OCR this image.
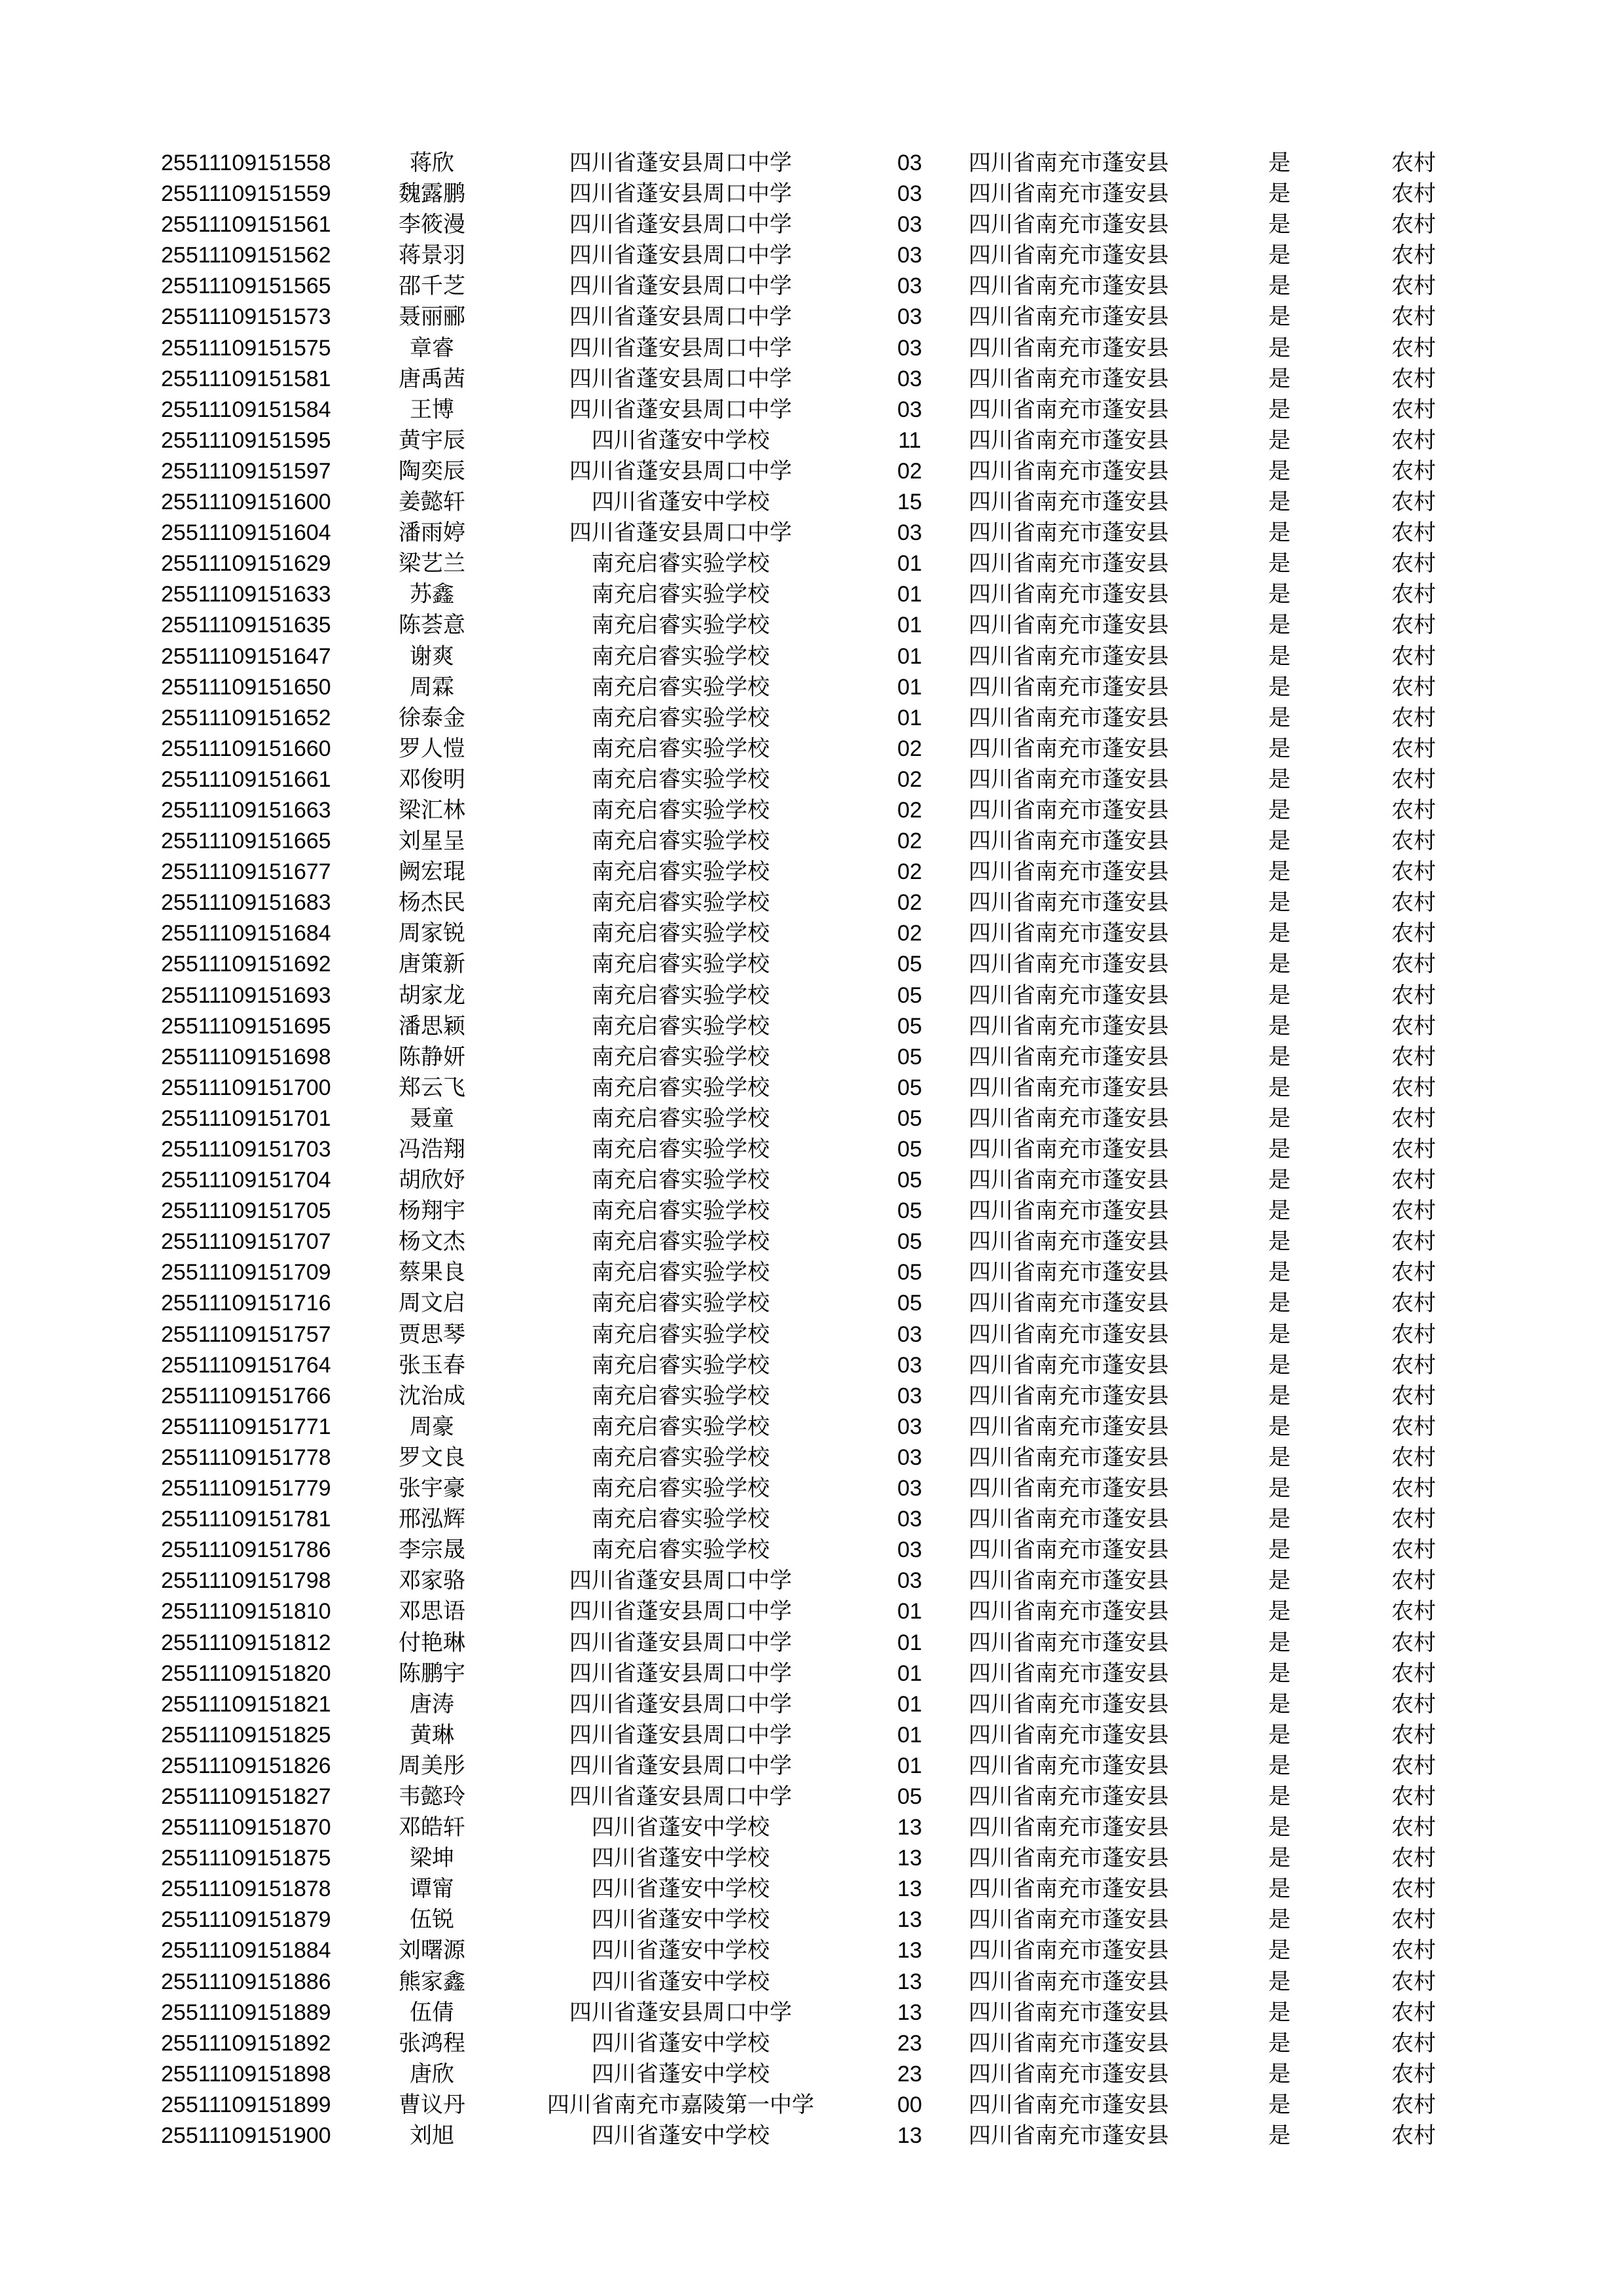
25511109151558	蒋欣	四川省蓬安县周口中学	03	四川省南充市蓬安县	是	农村
25511109151559	魏露鹏	四川省蓬安县周口中学	03	四川省南充市蓬安县	是	农村
25511109151561	李筱漫	四川省蓬安县周口中学	03	四川省南充市蓬安县	是	农村
25511109151562	蒋景羽	四川省蓬安县周口中学	03	四川省南充市蓬安县	是	农村
25511109151565	邵千芝	四川省蓬安县周口中学	03	四川省南充市蓬安县	是	农村
25511109151573	聂丽郦	四川省蓬安县周口中学	03	四川省南充市蓬安县	是	农村
25511109151575	章睿	四川省蓬安县周口中学	03	四川省南充市蓬安县	是	农村
25511109151581	唐禹茜	四川省蓬安县周口中学	03	四川省南充市蓬安县	是	农村
25511109151584	王博	四川省蓬安县周口中学	03	四川省南充市蓬安县	是	农村
25511109151595	黄宇辰	四川省蓬安中学校	11	四川省南充市蓬安县	是	农村
25511109151597	陶奕辰	四川省蓬安县周口中学	02	四川省南充市蓬安县	是	农村
25511109151600	姜懿轩	四川省蓬安中学校	15	四川省南充市蓬安县	是	农村
25511109151604	潘雨婷	四川省蓬安县周口中学	03	四川省南充市蓬安县	是	农村
25511109151629	梁艺兰	南充启睿实验学校	01	四川省南充市蓬安县	是	农村
25511109151633	苏鑫	南充启睿实验学校	01	四川省南充市蓬安县	是	农村
25511109151635	陈荟意	南充启睿实验学校	01	四川省南充市蓬安县	是	农村
25511109151647	谢爽	南充启睿实验学校	01	四川省南充市蓬安县	是	农村
25511109151650	周霖	南充启睿实验学校	01	四川省南充市蓬安县	是	农村
25511109151652	徐泰金	南充启睿实验学校	01	四川省南充市蓬安县	是	农村
25511109151660	罗人愷	南充启睿实验学校	02	四川省南充市蓬安县	是	农村
25511109151661	邓俊明	南充启睿实验学校	02	四川省南充市蓬安县	是	农村
25511109151663	梁汇林	南充启睿实验学校	02	四川省南充市蓬安县	是	农村
25511109151665	刘星呈	南充启睿实验学校	02	四川省南充市蓬安县	是	农村
25511109151677	阙宏琨	南充启睿实验学校	02	四川省南充市蓬安县	是	农村
25511109151683	杨杰民	南充启睿实验学校	02	四川省南充市蓬安县	是	农村
25511109151684	周家锐	南充启睿实验学校	02	四川省南充市蓬安县	是	农村
25511109151692	唐策新	南充启睿实验学校	05	四川省南充市蓬安县	是	农村
25511109151693	胡家龙	南充启睿实验学校	05	四川省南充市蓬安县	是	农村
25511109151695	潘思颖	南充启睿实验学校	05	四川省南充市蓬安县	是	农村
25511109151698	陈静妍	南充启睿实验学校	05	四川省南充市蓬安县	是	农村
25511109151700	郑云飞	南充启睿实验学校	05	四川省南充市蓬安县	是	农村
25511109151701	聂童	南充启睿实验学校	05	四川省南充市蓬安县	是	农村
25511109151703	冯浩翔	南充启睿实验学校	05	四川省南充市蓬安县	是	农村
25511109151704	胡欣妤	南充启睿实验学校	05	四川省南充市蓬安县	是	农村
25511109151705	杨翔宇	南充启睿实验学校	05	四川省南充市蓬安县	是	农村
25511109151707	杨文杰	南充启睿实验学校	05	四川省南充市蓬安县	是	农村
25511109151709	蔡果良	南充启睿实验学校	05	四川省南充市蓬安县	是	农村
25511109151716	周文启	南充启睿实验学校	05	四川省南充市蓬安县	是	农村
25511109151757	贾思琴	南充启睿实验学校	03	四川省南充市蓬安县	是	农村
25511109151764	张玉春	南充启睿实验学校	03	四川省南充市蓬安县	是	农村
25511109151766	沈治成	南充启睿实验学校	03	四川省南充市蓬安县	是	农村
25511109151771	周豪	南充启睿实验学校	03	四川省南充市蓬安县	是	农村
25511109151778	罗文良	南充启睿实验学校	03	四川省南充市蓬安县	是	农村
25511109151779	张宇豪	南充启睿实验学校	03	四川省南充市蓬安县	是	农村
25511109151781	邢泓辉	南充启睿实验学校	03	四川省南充市蓬安县	是	农村
25511109151786	李宗晟	南充启睿实验学校	03	四川省南充市蓬安县	是	农村
25511109151798	邓家骆	四川省蓬安县周口中学	03	四川省南充市蓬安县	是	农村
25511109151810	邓思语	四川省蓬安县周口中学	01	四川省南充市蓬安县	是	农村
25511109151812	付艳琳	四川省蓬安县周口中学	01	四川省南充市蓬安县	是	农村
25511109151820	陈鹏宇	四川省蓬安县周口中学	01	四川省南充市蓬安县	是	农村
25511109151821	唐涛	四川省蓬安县周口中学	01	四川省南充市蓬安县	是	农村
25511109151825	黄琳	四川省蓬安县周口中学	01	四川省南充市蓬安县	是	农村
25511109151826	周美彤	四川省蓬安县周口中学	01	四川省南充市蓬安县	是	农村
25511109151827	韦懿玲	四川省蓬安县周口中学	05	四川省南充市蓬安县	是	农村
25511109151870	邓皓轩	四川省蓬安中学校	13	四川省南充市蓬安县	是	农村
25511109151875	梁坤	四川省蓬安中学校	13	四川省南充市蓬安县	是	农村
25511109151878	谭甯	四川省蓬安中学校	13	四川省南充市蓬安县	是	农村
25511109151879	伍锐	四川省蓬安中学校	13	四川省南充市蓬安县	是	农村
25511109151884	刘曙源	四川省蓬安中学校	13	四川省南充市蓬安县	是	农村
25511109151886	熊家鑫	四川省蓬安中学校	13	四川省南充市蓬安县	是	农村
25511109151889	伍倩	四川省蓬安县周口中学	13	四川省南充市蓬安县	是	农村
25511109151892	张鸿程	四川省蓬安中学校	23	四川省南充市蓬安县	是	农村
25511109151898	唐欣	四川省蓬安中学校	23	四川省南充市蓬安县	是	农村
25511109151899	曹议丹	四川省南充市嘉陵第一中学	00	四川省南充市蓬安县	是	农村
25511109151900	刘旭	四川省蓬安中学校	13	四川省南充市蓬安县	是	农村
